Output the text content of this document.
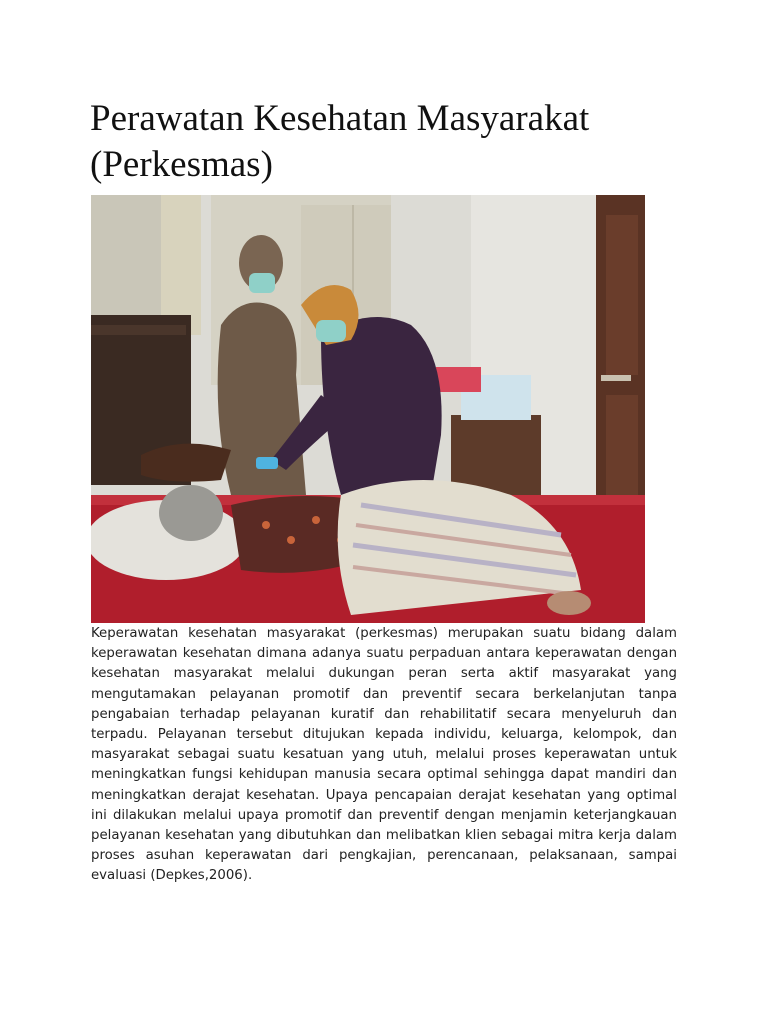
Perawatan Kesehatan Masyarakat
(Perkesmas)

Keperawatan kesehatan masyarakat (perkesmas) merupakan suatu bidang dalam keperawatan kesehatan dimana adanya suatu perpaduan antara keperawatan dengan kesehatan masyarakat melalui dukungan peran serta aktif masyarakat yang mengutamakan pelayanan promotif dan preventif secara berkelanjutan tanpa pengabaian terhadap pelayanan kuratif dan rehabilitatif secara menyeluruh dan terpadu. Pelayanan tersebut ditujukan kepada individu, keluarga, kelompok, dan masyarakat sebagai suatu kesatuan yang utuh, melalui proses keperawatan untuk meningkatkan fungsi kehidupan manusia secara optimal sehingga dapat mandiri dan meningkatkan derajat kesehatan. Upaya pencapaian derajat kesehatan yang optimal ini dilakukan melalui upaya promotif dan preventif dengan menjamin keterjangkauan pelayanan kesehatan yang dibutuhkan dan melibatkan klien sebagai mitra kerja dalam proses asuhan keperawatan dari pengkajian, perencanaan, pelaksanaan, sampai evaluasi (Depkes,2006).
